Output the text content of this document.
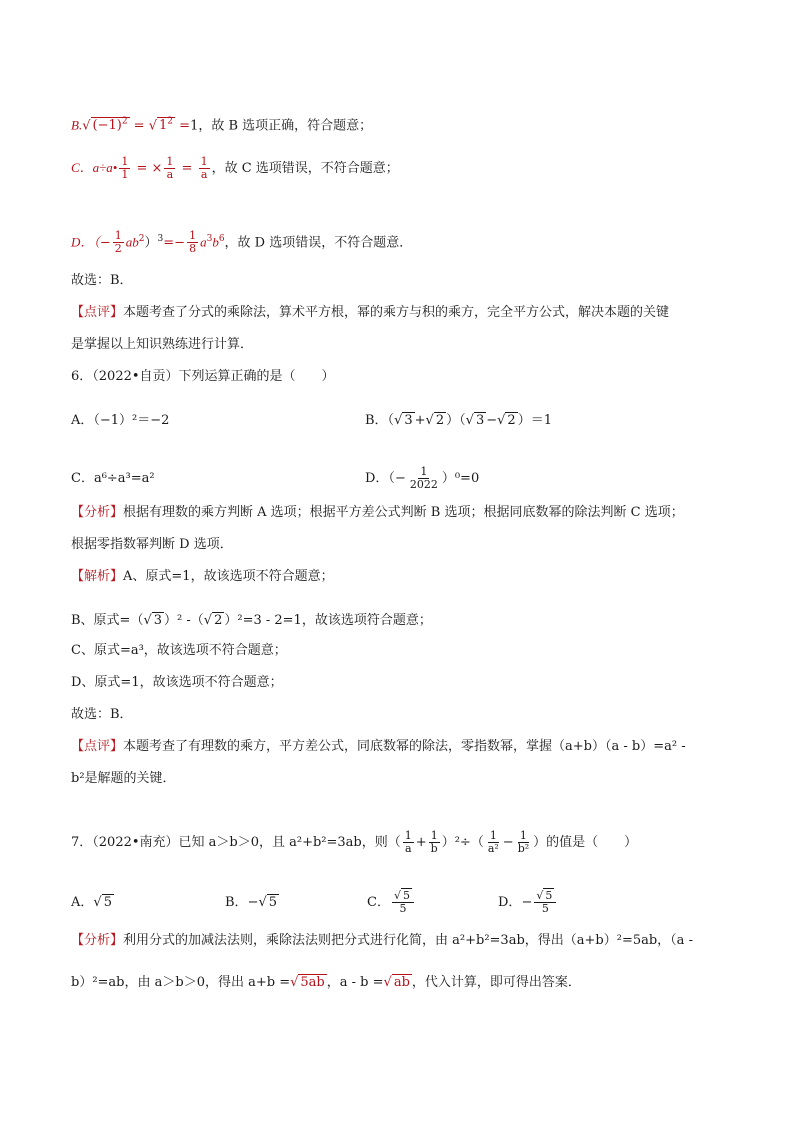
B.√ $(-1)^2$ = √ $1^2 =1$，故 B 选项正确，符合题意；
C．a÷a• $\frac{1}{1}$ = × $\frac{1}{a} = \frac{1}{a}$ ，故 C 选项错误，不符合题意；
D．（− $\frac{1}{2} ab^2)^3=- \frac{1}{8} a^3b^6$，故 D 选项错误，不符合题意．
故选：B．
【点评】本题考查了分式的乘除法，算术平方根，幂的乘方与积的乘方，完全平方公式，解决本题的关键
是掌握以上知识熟练进行计算．
6．（2022•自贡）下列运算正确的是（　　）
A．（−1）²＝−2	B．（√ 3 +√ 2 ）（√ 3 −√ 2 ）＝1
C．a⁶÷a³=a²	D．（− $\frac{1}{2022} )^0=0$
【分析】根据有理数的乘方判断 A 选项；根据平方差公式判断 B 选项；根据同底数幂的除法判断 C 选项；
根据零指数幂判断 D 选项．
【解析】A、原式=1，故该选项不符合题意；
B、原式=（√ 3 ）² -（√ 2 ）²=3 - 2=1，故该选项符合题意；
C、原式=a³，故该选项不符合题意；
D、原式=1，故该选项不符合题意；
故选：B．
【点评】本题考查了有理数的乘方，平方差公式，同底数幂的除法，零指数幂，掌握（a+b）（a - b）=a² -
b²是解题的关键．
7．（2022•南充）已知 a＞b＞0，且 a²+b²=3ab，则（ $\frac{1}{a} + \frac{1}{b} )^2\div( \frac{1}{\text{a²}} - \frac{1}{\text{b²}}$ ）的值是（　　）
A．√ 5	B．−√ 5	C． $\frac{√ 5}{5}$	D．− $\frac{√ 5}{5}$
【分析】利用分式的加减法法则，乘除法法则把分式进行化简，由 a²+b²=3ab，得出（a+b）²=5ab，（a -
b）²=ab，由 a＞b＞0，得出 a+b =√ 5ab ，a - b =√ ab ，代入计算，即可得出答案．
